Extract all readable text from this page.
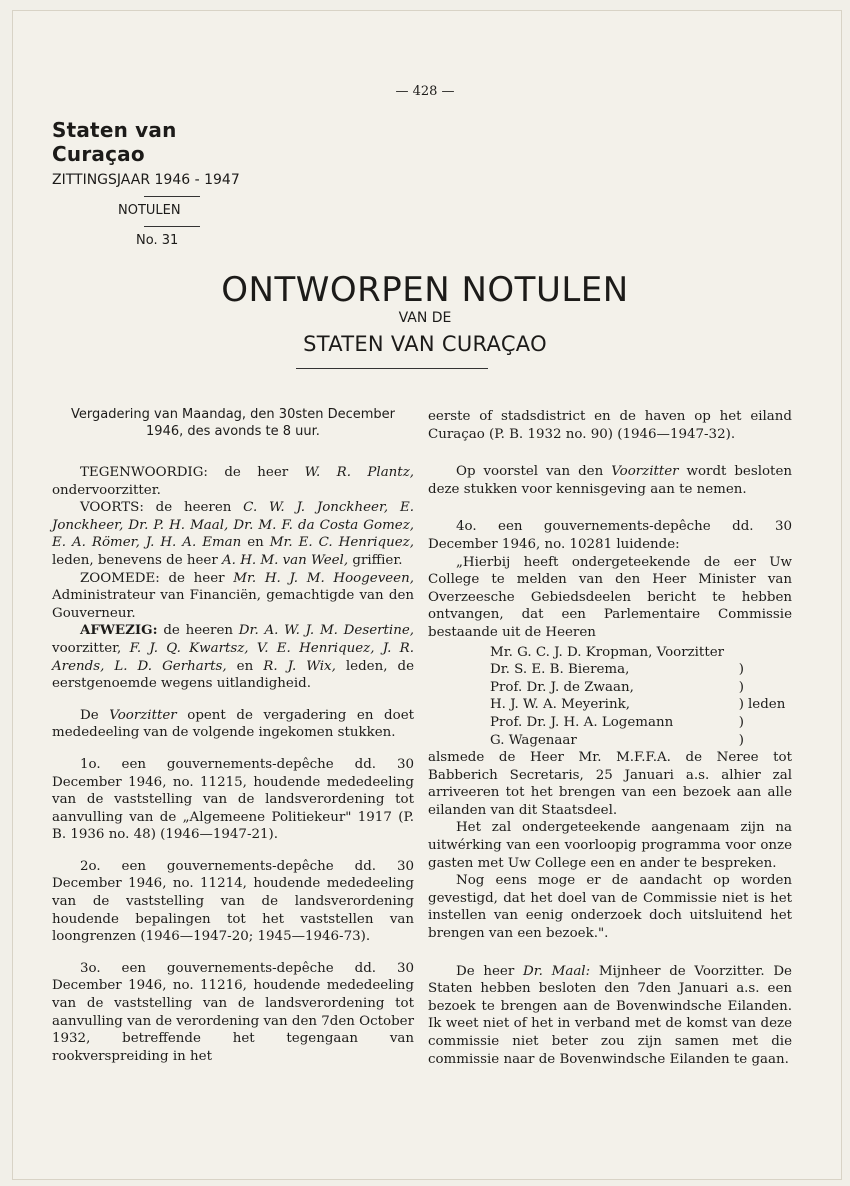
— 428 —
Staten van Curaçao
ZITTINGSJAAR 1946 - 1947
NOTULEN
No. 31
ONTWORPEN NOTULEN
VAN DE
STATEN VAN CURAÇAO

Vergadering van Maandag, den 30sten December 1946, des avonds te 8 uur.

TEGENWOORDIG: de heer W. R. Plantz, ondervoorzitter.

VOORTS: de heeren C. W. J. Jonckheer, E. Jonckheer, Dr. P. H. Maal, Dr. M. F. da Costa Gomez, E. A. Römer, J. H. A. Eman en Mr. E. C. Henriquez, leden, benevens de heer A. H. M. van Weel, griffier.

ZOOMEDE: de heer Mr. H. J. M. Hoogeveen, Administrateur van Financiën, gemachtigde van den Gouverneur.

AFWEZIG: de heeren Dr. A. W. J. M. Desertine, voorzitter, F. J. Q. Kwartsz, V. E. Henriquez, J. R. Arends, L. D. Gerharts, en R. J. Wix, leden, de eerstgenoemde wegens uitlandigheid.

De Voorzitter opent de vergadering en doet mededeeling van de volgende ingekomen stukken.

1o. een gouvernements-depêche dd. 30 December 1946, no. 11215, houdende mededeeling van de vaststelling van de landsverordening tot aanvulling van de „Algemeene Politiekeur" 1917 (P. B. 1936 no. 48) (1946—1947-21).

2o. een gouvernements-depêche dd. 30 December 1946, no. 11214, houdende mededeeling van de vaststelling van de landsverordening houdende bepalingen tot het vaststellen van loongrenzen (1946—1947-20; 1945—1946-73).

3o. een gouvernements-depêche dd. 30 December 1946, no. 11216, houdende mededeeling van de vaststelling van de landsverordening tot aanvulling van de verordening van den 7den October 1932, betreffende het tegengaan van rookverspreiding in het

eerste of stadsdistrict en de haven op het eiland Curaçao (P. B. 1932 no. 90) (1946—1947-32).

Op voorstel van den Voorzitter wordt besloten deze stukken voor kennisgeving aan te nemen.

4o. een gouvernements-depêche dd. 30 December 1946, no. 10281 luidende:

„Hierbij heeft ondergeteekende de eer Uw College te melden van den Heer Minister van Overzeesche Gebiedsdeelen bericht te hebben ontvangen, dat een Parlementaire Commissie bestaande uit de Heeren

Mr. G. C. J. D. Kropman, Voorzitter		
Dr. S. E. B. Bierema,	)	
Prof. Dr. J. de Zwaan,	)	
H. J. W. A. Meyerink,	)	leden
Prof. Dr. J. H. A. Logemann	)	
G. Wagenaar	)	

alsmede de Heer Mr. M.F.F.A. de Neree tot Babberich Secretaris, 25 Januari a.s. alhier zal arriveeren tot het brengen van een bezoek aan alle eilanden van dit Staatsdeel.

Het zal ondergeteekende aangenaam zijn na uitwérking van een voorloopig programma voor onze gasten met Uw College een en ander te bespreken.

Nog eens moge er de aandacht op worden gevestigd, dat het doel van de Commissie niet is het instellen van eenig onderzoek doch uitsluitend het brengen van een bezoek.".

De heer Dr. Maal: Mijnheer de Voorzitter. De Staten hebben besloten den 7den Januari a.s. een bezoek te brengen aan de Bovenwindsche Eilanden. Ik weet niet of het in verband met de komst van deze commissie niet beter zou zijn samen met die commissie naar de Bovenwindsche Eilanden te gaan.
